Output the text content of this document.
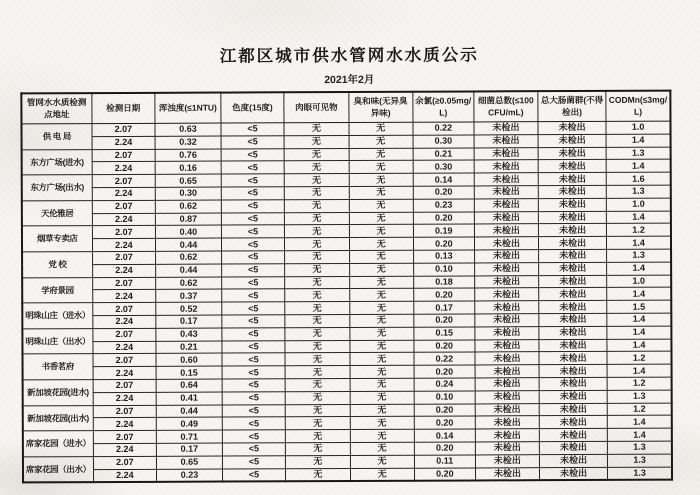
江都区城市供水管网水水质公示
2021年2月
管网水水质检测点地址	检测日期	浑浊度(≤1NTU)	色度(15度)	肉眼可见物	臭和味(无异臭异味)	余氯(≥0.05mg/L)	细菌总数(≤100CFU/mL)	总大肠菌群(不得检出)	CODMn(≤3mg/L)
供 电 局	2.07	0.63	<5	无	无	0.22	未检出	未检出	1.0
	2.24	0.32	<5	无	无	0.30	未检出	未检出	1.4
东方广场(进水)	2.07	0.76	<5	无	无	0.21	未检出	未检出	1.3
	2.24	0.16	<5	无	无	0.30	未检出	未检出	1.4
东方广场(出水)	2.07	0.65	<5	无	无	0.14	未检出	未检出	1.6
	2.24	0.30	<5	无	无	0.20	未检出	未检出	1.3
天伦雅居	2.07	0.62	<5	无	无	0.23	未检出	未检出	1.0
	2.24	0.87	<5	无	无	0.20	未检出	未检出	1.4
烟草专卖店	2.07	0.40	<5	无	无	0.19	未检出	未检出	1.2
	2.24	0.44	<5	无	无	0.20	未检出	未检出	1.4
党 校	2.07	0.62	<5	无	无	0.13	未检出	未检出	1.3
	2.24	0.44	<5	无	无	0.10	未检出	未检出	1.4
学府景园	2.07	0.62	<5	无	无	0.18	未检出	未检出	1.0
	2.24	0.37	<5	无	无	0.20	未检出	未检出	1.4
明珠山庄（进水）	2.07	0.52	<5	无	无	0.17	未检出	未检出	1.5
	2.24	0.17	<5	无	无	0.20	未检出	未检出	1.4
明珠山庄（出水）	2.07	0.43	<5	无	无	0.15	未检出	未检出	1.4
	2.24	0.21	<5	无	无	0.20	未检出	未检出	1.4
书香茗府	2.07	0.60	<5	无	无	0.22	未检出	未检出	1.2
	2.24	0.15	<5	无	无	0.20	未检出	未检出	1.4
新加坡花园(进水)	2.07	0.64	<5	无	无	0.24	未检出	未检出	1.2
	2.24	0.41	<5	无	无	0.10	未检出	未检出	1.3
新加坡花园(出水)	2.07	0.44	<5	无	无	0.20	未检出	未检出	1.2
	2.24	0.49	<5	无	无	0.20	未检出	未检出	1.4
席家花园（进水）	2.07	0.71	<5	无	无	0.14	未检出	未检出	1.4
	2.24	0.17	<5	无	无	0.20	未检出	未检出	1.3
席家花园（出水）	2.07	0.65	<5	无	无	0.11	未检出	未检出	1.3
	2.24	0.23	<5	无	无	0.20	未检出	未检出	1.3
